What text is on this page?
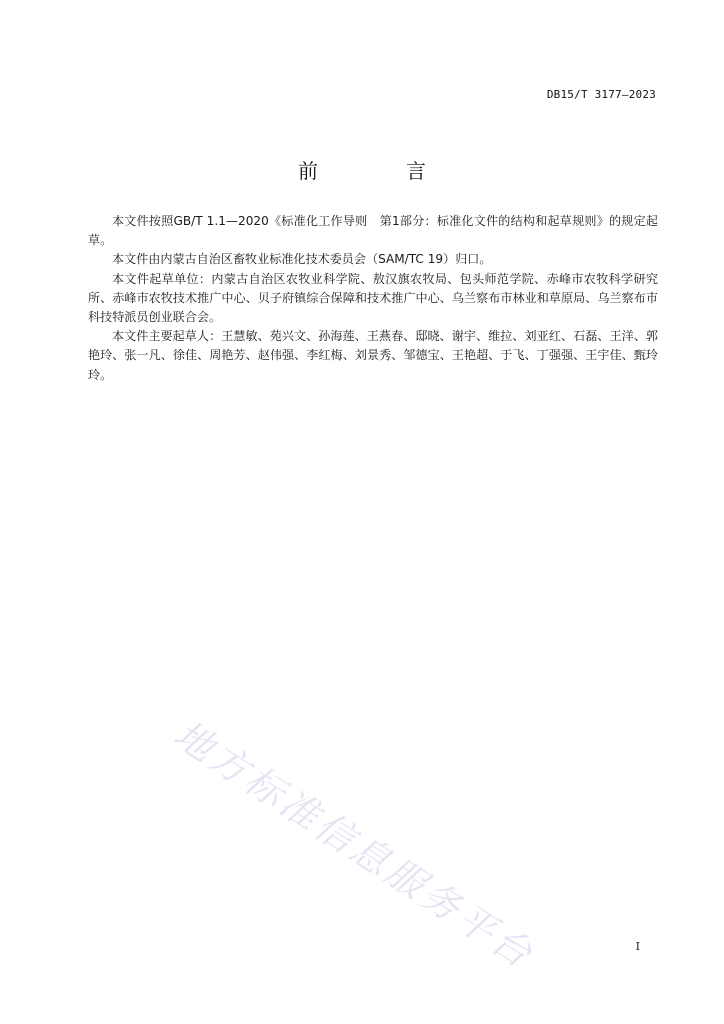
DB15/T 3177—2023
前　言

本文件按照GB/T 1.1—2020《标准化工作导则　第1部分：标准化文件的结构和起草规则》的规定起草。

本文件由内蒙古自治区畜牧业标准化技术委员会（SAM/TC 19）归口。

本文件起草单位：内蒙古自治区农牧业科学院、敖汉旗农牧局、包头师范学院、赤峰市农牧科学研究所、赤峰市农牧技术推广中心、贝子府镇综合保障和技术推广中心、乌兰察布市林业和草原局、乌兰察布市科技特派员创业联合会。

本文件主要起草人：王慧敏、苑兴文、孙海莲、王燕春、邸晓、谢宇、维拉、刘亚红、石磊、王洋、郭艳玲、张一凡、徐佳、周艳芳、赵伟强、李红梅、刘景秀、邹德宝、王艳超、于飞、丁强强、王宇佳、甄玲玲。

地方标准信息服务平台	I
